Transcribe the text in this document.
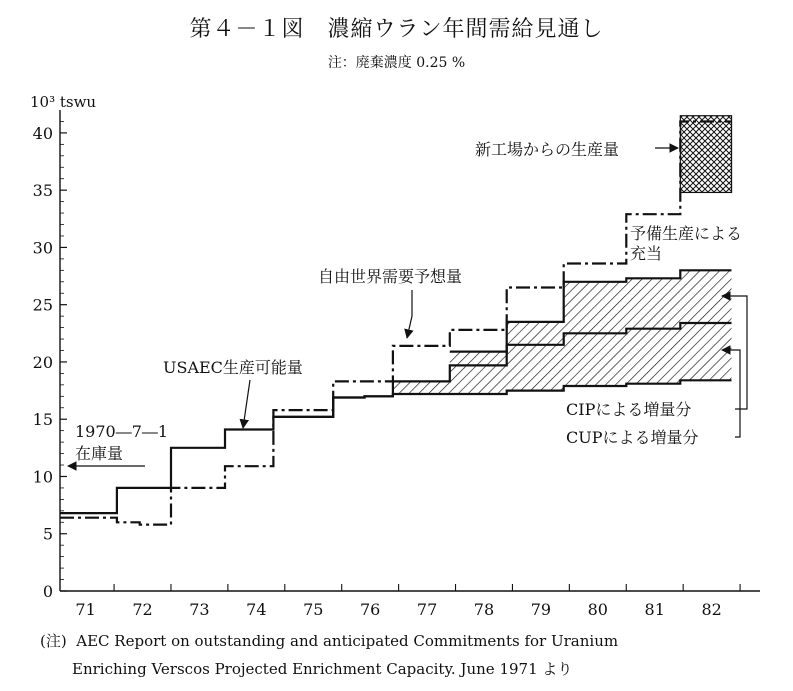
第４－１図　濃縮ウラン年間需給見通し
注：廃棄濃度 0.25 %
0
5
10
15
20
25
30
35
40
71 72 73 74 75 76 77 78 79 80 81 82
10³ tswu
1970―7―1
在庫量
USAEC生産可能量
自由世界需要予想量
新工場からの生産量
予備生産による
充当
CIPによる増量分
CUPによる増量分
(注) AEC Report on outstanding and anticipated Commitments for Uranium
Enriching Verscos Projected Enrichment Capacity. June 1971 より
